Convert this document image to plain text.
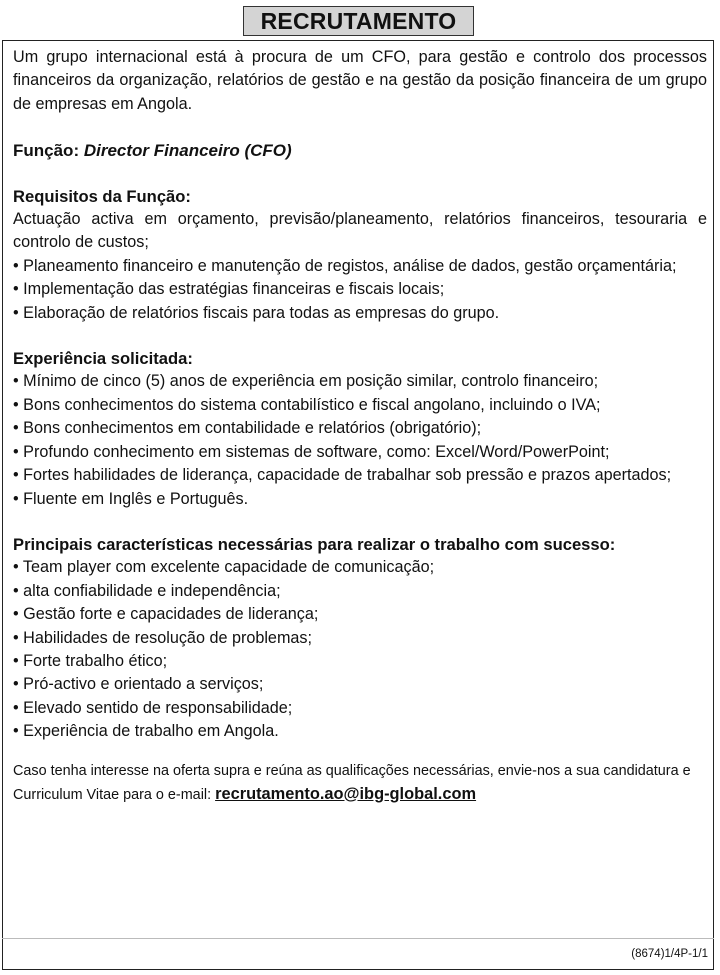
RECRUTAMENTO

Um grupo internacional está à procura de um CFO, para gestão e controlo dos processos financeiros da organização, relatórios de gestão e na gestão da posição financeira de um grupo de empresas em Angola.

Função: Director Financeiro (CFO)

Requisitos da Função:

Actuação activa em orçamento, previsão/planeamento, relatórios financeiros, tesouraria e controlo de custos;

• Planeamento financeiro e manutenção de registos, análise de dados, gestão orçamentária;

• Implementação das estratégias financeiras e fiscais locais;

• Elaboração de relatórios fiscais para todas as empresas do grupo.

Experiência solicitada:

• Mínimo de cinco (5) anos de experiência em posição similar, controlo financeiro;

• Bons conhecimentos do sistema contabilístico e fiscal angolano, incluindo o IVA;

• Bons conhecimentos em contabilidade e relatórios (obrigatório);

• Profundo conhecimento em sistemas de software, como: Excel/Word/PowerPoint;

• Fortes habilidades de liderança, capacidade de trabalhar sob pressão e prazos apertados;

• Fluente em Inglês e Português.

Principais características necessárias para realizar o trabalho com sucesso:

• Team player com excelente capacidade de comunicação;

• alta confiabilidade e independência;

• Gestão forte e capacidades de liderança;

• Habilidades de resolução de problemas;

• Forte trabalho ético;

• Pró-activo e orientado a serviços;

• Elevado sentido de responsabilidade;

• Experiência de trabalho em Angola.

Caso tenha interesse na oferta supra e reúna as qualificações necessárias, envie-nos a sua candidatura e Curriculum Vitae para o e-mail: recrutamento.ao@ibg-global.com

(8674)1/4P-1/1
